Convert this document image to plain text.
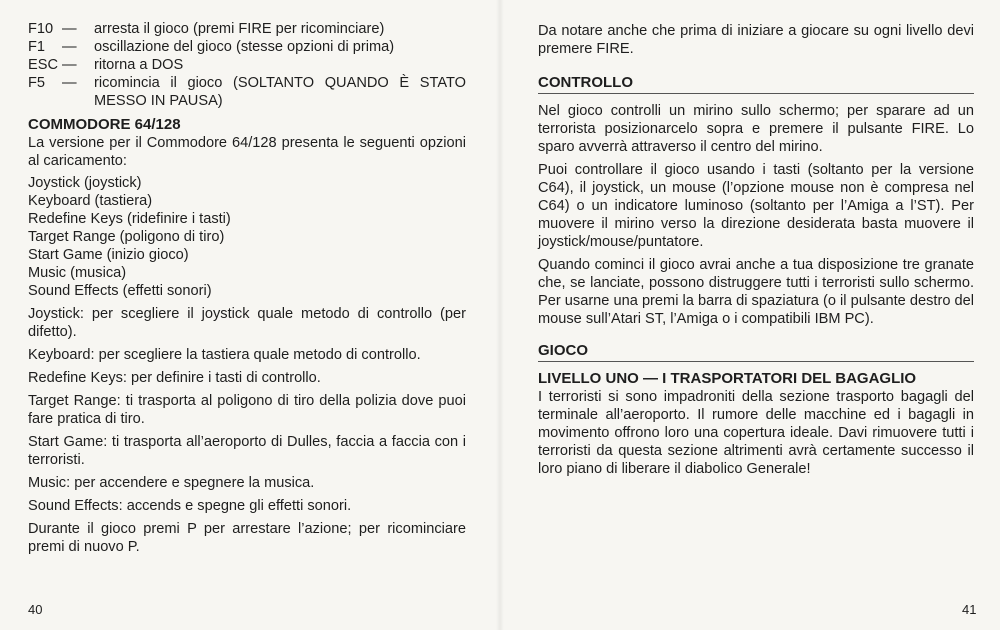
F10 —	arresta il gioco (premi FIRE per ricominciare)
F1	—	oscillazione del gioco (stesse opzioni di prima)
ESC —	ritorna a DOS
F5	—	ricomincia il gioco (SOLTANTO QUANDO È STATO MESSO IN PAUSA)
COMMODORE 64/128

La versione per il Commodore 64/128 presenta le seguenti opzioni al caricamento:

Joystick (joystick)
Keyboard (tastiera)
Redefine Keys (ridefinire i tasti)
Target Range (poligono di tiro)
Start Game (inizio gioco)
Music (musica)
Sound Effects (effetti sonori)

Joystick: per scegliere il joystick quale metodo di controllo (per difetto).

Keyboard: per scegliere la tastiera quale metodo di controllo.

Redefine Keys: per definire i tasti di controllo.

Target Range: ti trasporta al poligono di tiro della polizia dove puoi fare pratica di tiro.

Start Game: ti trasporta all’aeroporto di Dulles, faccia a faccia con i terroristi.

Music: per accendere e spegnere la musica.

Sound Effects: accends e spegne gli effetti sonori.

Durante il gioco premi P per arrestare l’azione; per ricominciare premi di nuovo P.

40

Da notare anche che prima di iniziare a giocare su ogni livello devi premere FIRE.

CONTROLLO

Nel gioco controlli un mirino sullo schermo; per sparare ad un terrorista posizionarcelo sopra e premere il pulsante FIRE. Lo sparo avverrà attraverso il centro del mirino.

Puoi controllare il gioco usando i tasti (soltanto per la versione C64), il joystick, un mouse (l’opzione mouse non è compresa nel C64) o un indicatore luminoso (soltanto per l’Amiga a l’ST). Per muovere il mirino verso la direzione desiderata basta muovere il joystick/mouse/puntatore.

Quando comincі il gioco avrai anche a tua disposizione tre granate che, se lanciate, possono distruggere tutti i terroristi sullo schermo. Per usarne una premi la barra di spaziatura (o il pulsante destro del mouse sull’Atari ST, l’Amiga o i compatibili IBM PC).

GIOCO
LIVELLO UNO — I TRASPORTATORI DEL BAGAGLIO

I terroristi si sono impadroniti della sezione trasporto bagagli del terminale all’aeroporto. Il rumore delle macchine ed i bagagli in movimento offrono loro una copertura ideale. Davi rimuovere tutti i terroristi da questa sezione altrimenti avrà certamente successo il loro piano di liberare il diabolico Generale!

41
